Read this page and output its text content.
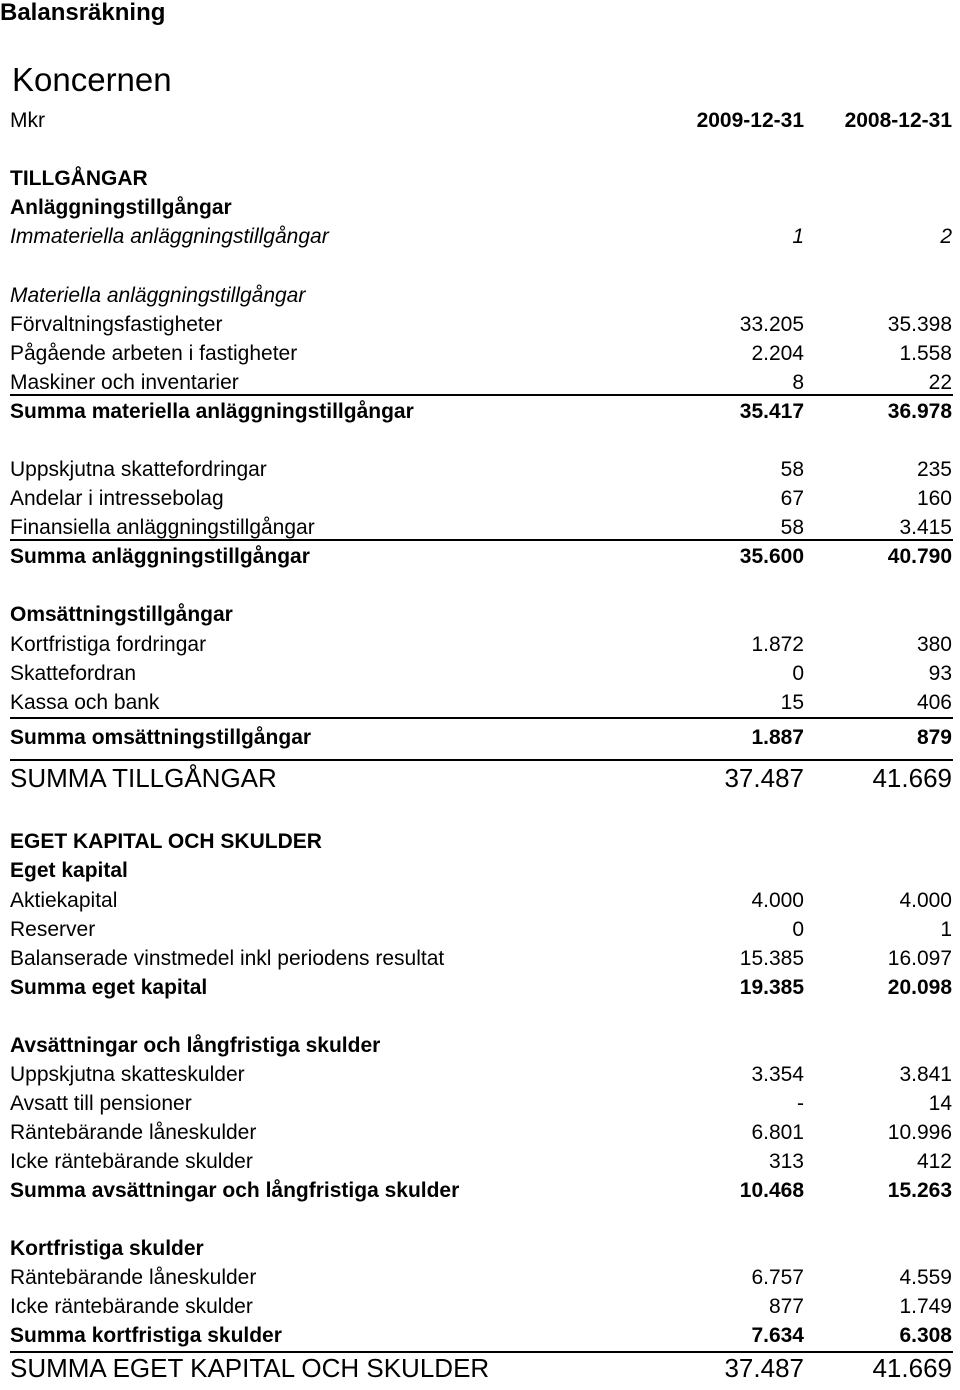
Balansräkning
Koncernen
Mkr	2009-12-31 2008-12-31
TILLGÅNGAR
Anläggningstillgångar
Immateriella anläggningstillgångar	1	2
Materiella anläggningstillgångar
Förvaltningsfastigheter	33.205	35.398
Pågående arbeten i fastigheter	2.204	1.558
Maskiner och inventarier	8	22
Summa materiella anläggningstillgångar	35.417	36.978
Uppskjutna skattefordringar	58	235
Andelar i intressebolag	67	160
Finansiella anläggningstillgångar	58	3.415
Summa anläggningstillgångar	35.600	40.790
Omsättningstillgångar
Kortfristiga fordringar	1.872	380
Skattefordran	0	93
Kassa och bank	15	406
Summa omsättningstillgångar	1.887	879
SUMMA TILLGÅNGAR	37.487	41.669
EGET KAPITAL OCH SKULDER
Eget kapital
Aktiekapital	4.000	4.000
Reserver	0	1
Balanserade vinstmedel inkl periodens resultat	15.385	16.097
Summa eget kapital	19.385	20.098
Avsättningar och långfristiga skulder
Uppskjutna skatteskulder	3.354	3.841
Avsatt till pensioner	-	14
Räntebärande låneskulder	6.801	10.996
Icke räntebärande skulder	313	412
Summa avsättningar och långfristiga skulder	10.468	15.263
Kortfristiga skulder
Räntebärande låneskulder	6.757	4.559
Icke räntebärande skulder	877	1.749
Summa kortfristiga skulder	7.634	6.308
SUMMA EGET KAPITAL OCH SKULDER	37.487	41.669
